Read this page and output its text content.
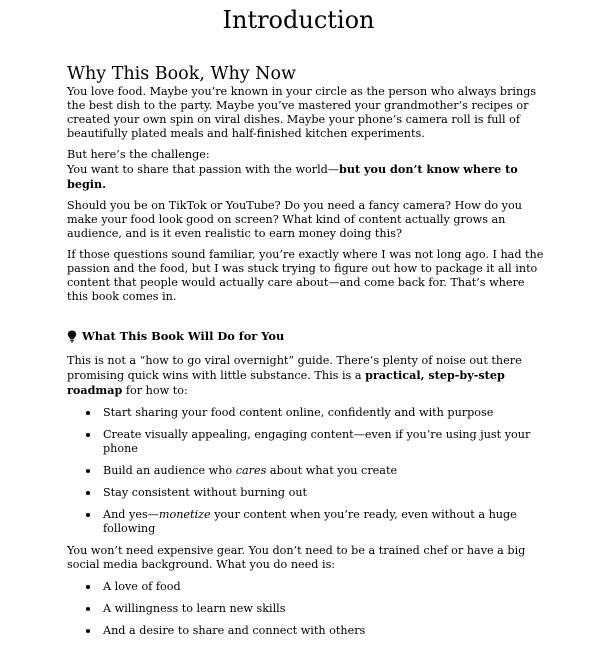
Introduction
Why This Book, Why Now

You love food. Maybe you’re known in your circle as the person who always brings the best dish to the party. Maybe you’ve mastered your grandmother’s recipes or created your own spin on viral dishes. Maybe your phone’s camera roll is full of beautifully plated meals and half-finished kitchen experiments.

But here’s the challenge:
You want to share that passion with the world—but you don’t know where to begin.

Should you be on TikTok or YouTube? Do you need a fancy camera? How do you make your food look good on screen? What kind of content actually grows an audience, and is it even realistic to earn money doing this?

If those questions sound familiar, you’re exactly where I was not long ago. I had the passion and the food, but I was stuck trying to figure out how to package it all into content that people would actually care about—and come back for. That’s where this book comes in.

What This Book Will Do for You

This is not a “how to go viral overnight” guide. There’s plenty of noise out there promising quick wins with little substance. This is a practical, step-by-step roadmap for how to:

Start sharing your food content online, confidently and with purpose
Create visually appealing, engaging content—even if you’re using just your phone
Build an audience who cares about what you create
Stay consistent without burning out
And yes—monetize your content when you’re ready, even without a huge following

You won’t need expensive gear. You don’t need to be a trained chef or have a big social media background. What you do need is:

A love of food
A willingness to learn new skills
And a desire to share and connect with others
